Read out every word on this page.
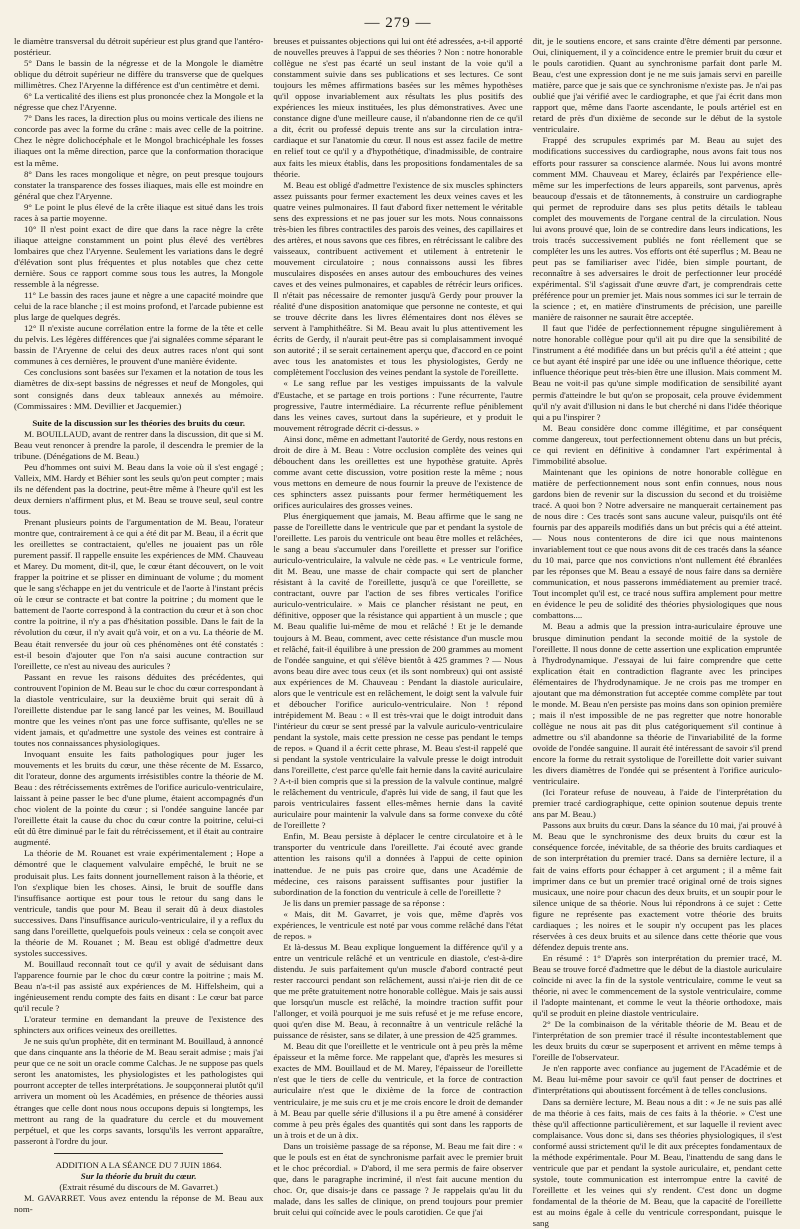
— 279 —

le diamètre transversal du détroit supérieur est plus grand que l'antéro-postérieur.

5° Dans le bassin de la négresse et de la Mongole le diamètre oblique du détroit supérieur ne diffère du transverse que de quelques millimètres. Chez l'Aryenne la différence est d'un centimètre et demi.

6° La verticalité des iliens est plus prononcée chez la Mongole et la négresse que chez l'Aryenne.

7° Dans les races, la direction plus ou moins verticale des iliens ne concorde pas avec la forme du crâne : mais avec celle de la poitrine. Chez le nègre dolichocéphale et le Mongol brachicéphale les fosses iliaques ont la même direction, parce que la conformation thoracique est la même.

8° Dans les races mongolique et nègre, on peut presque toujours constater la transparence des fosses iliaques, mais elle est moindre en général que chez l'Aryenne.

9° Le point le plus élevé de la crête iliaque est situé dans les trois races à sa partie moyenne.

10° Il n'est point exact de dire que dans la race nègre la crête iliaque atteigne constamment un point plus élevé des vertèbres lombaires que chez l'Aryenne. Seulement les variations dans le degré d'élévation sont plus fréquentes et plus notables que chez cette dernière. Sous ce rapport comme sous tous les autres, la Mongole ressemble à la négresse.

11° Le bassin des races jaune et nègre a une capacité moindre que celui de la race blanche ; il est moins profond, et l'arcade pubienne est plus large de quelques degrés.

12° Il n'existe aucune corrélation entre la forme de la tête et celle du pelvis. Les légères différences que j'ai signalées comme séparant le bassin de l'Aryenne de celui des deux autres races n'ont qui sont communes à ces dernières, le prouvent d'une manière évidente.

Ces conclusions sont basées sur l'examen et la notation de tous les diamètres de dix-sept bassins de négresses et neuf de Mongoles, qui sont consignés dans deux tableaux annexés au mémoire. (Commissaires : MM. Devillier et Jacquemier.)

Suite de la discussion sur les théories des bruits du cœur.

M. BOUILLAUD, avant de rentrer dans la discussion, dit que si M. Beau veut renoncer à prendre la parole, il descendra le premier de la tribune. (Dénégations de M. Beau.)

Peu d'hommes ont suivi M. Beau dans la voie où il s'est engagé ; Valleix, MM. Hardy et Béhier sont les seuls qu'on peut compter ; mais ils ne défendent pas la doctrine, peut-être même à l'heure qu'il est les deux derniers n'affirment plus, et M. Beau se trouve seul, seul contre tous.

Prenant plusieurs points de l'argumentation de M. Beau, l'orateur montre que, contrairement à ce qui a été dit par M. Beau, il a écrit que les oreillettes se contractaient, qu'elles ne jouaient pas un rôle purement passif. Il rappelle ensuite les expériences de MM. Chauveau et Marey. Du moment, dit-il, que, le cœur étant découvert, on le voit frapper la poitrine et se plisser en diminuant de volume ; du moment que le sang s'échappe en jet du ventricule et de l'aorte à l'instant précis où le cœur se contracte et bat contre la poitrine ; du moment que le battement de l'aorte correspond à la contraction du cœur et à son choc contre la poitrine, il n'y a pas d'hésitation possible. Dans le fait de la révolution du cœur, il n'y avait qu'à voir, et on a vu. La théorie de M. Beau était renversée du jour où ces phénomènes ont été constatés : est-il besoin d'ajouter que l'on n'a saisi aucune contraction sur l'oreillette, ce n'est au niveau des auricules ?

Passant en revue les raisons déduites des précédentes, qui controuvent l'opinion de M. Beau sur le choc du cœur correspondant à la diastole ventriculaire, sur la deuxième bruit qui serait dû à l'oreillette distendue par le sang lancé par les veines, M. Bouillaud montre que les veines n'ont pas une force suffisante, qu'elles ne se vident jamais, et qu'admettre une systole des veines est contraire à toutes nos connaissances physiologiques.

Invoquant ensuite les faits pathologiques pour juger les mouvements et les bruits du cœur, une thèse récente de M. Essarco, dit l'orateur, donne des arguments irrésistibles contre la théorie de M. Beau : des rétrécissements extrêmes de l'orifice auriculo-ventriculaire, laissant à peine passer le bec d'une plume, étaient accompagnés d'un choc violent de la pointe du cœur ; si l'ondée sanguine lancée par l'oreillette était la cause du choc du cœur contre la poitrine, celui-ci eût dû être diminué par le fait du rétrécissement, et il était au contraire augmenté.

La théorie de M. Rouanet est vraie expérimentalement ; Hope a démontré que le claquement valvulaire empêché, le bruit ne se produisait plus. Les faits donnent journellement raison à la théorie, et l'on s'explique bien les choses. Ainsi, le bruit de souffle dans l'insuffisance aortique est pour tous le retour du sang dans le ventricule, tandis que pour M. Beau il serait dû à deux diastoles successives. Dans l'insuffisance auriculo-ventriculaire, il y a reflux du sang dans l'oreillette, quelquefois pouls veineux : cela se conçoit avec la théorie de M. Rouanet ; M. Beau est obligé d'admettre deux systoles successives.

M. Bouillaud reconnaît tout ce qu'il y avait de séduisant dans l'apparence fournie par le choc du cœur contre la poitrine ; mais M. Beau n'a-t-il pas assisté aux expériences de M. Hiffelsheim, qui a ingénieusement rendu compte des faits en disant : Le cœur bat parce qu'il recule ?

L'orateur termine en demandant la preuve de l'existence des sphincters aux orifices veineux des oreillettes.

Je ne suis qu'un prophète, dit en terminant M. Bouillaud, à annoncé que dans cinquante ans la théorie de M. Beau serait admise ; mais j'ai peur que ce ne soit un oracle comme Calchas. Je ne suppose pas quels seront les anatomistes, les physiologistes et les pathologistes qui pourront accepter de telles interprétations. Je soupçonnerai plutôt qu'il arrivera un moment où les Académies, en présence de théories aussi étranges que celle dont nous nous occupons depuis si longtemps, les mettront au rang de la quadrature du cercle et du mouvement perpétuel, et que les corps savants, lorsqu'ils les verront apparaître, passeront à l'ordre du jour.

ADDITION A LA SÉANCE DU 7 JUIN 1864.

Sur la théorie du bruit du cœur.

(Extrait résumé du discours de M. Gavarret.)

M. GAVARRET. Vous avez entendu la réponse de M. Beau aux nom-

breuses et puissantes objections qui lui ont été adressées, a-t-il apporté de nouvelles preuves à l'appui de ses théories ? Non : notre honorable collègue ne s'est pas écarté un seul instant de la voie qu'il a constamment suivie dans ses publications et ses lectures. Ce sont toujours les mêmes affirmations basées sur les mêmes hypothèses qu'il oppose invariablement aux résultats les plus positifs des expériences les mieux instituées, les plus démonstratives. Avec une constance digne d'une meilleure cause, il n'abandonne rien de ce qu'il a dit, écrit ou professé depuis trente ans sur la circulation intra-cardiaque et sur l'anatomie du cœur. Il nous est assez facile de mettre en relief tout ce qu'il y a d'hypothétique, d'inadmissible, de contraire aux faits les mieux établis, dans les propositions fondamentales de sa théorie.

M. Beau est obligé d'admettre l'existence de six muscles sphincters assez puissants pour fermer exactement les deux veines caves et les quatre veines pulmonaires. Il faut d'abord fixer nettement le véritable sens des expressions et ne pas jouer sur les mots. Nous connaissons très-bien les fibres contractiles des parois des veines, des capillaires et des artères, et nous savons que ces fibres, en rétrécissant le calibre des vaisseaux, contribuent activement et utilement à entretenir le mouvement circulatoire ; nous connaissons aussi les fibres musculaires disposées en anses autour des embouchures des veines caves et des veines pulmonaires, et capables de rétrécir leurs orifices. Il n'était pas nécessaire de remonter jusqu'à Gerdy pour prouver la réalité d'une disposition anatomique que personne ne conteste, et qui se trouve décrite dans les livres élémentaires dont nos élèves se servent à l'amphithéâtre. Si M. Beau avait lu plus attentivement les écrits de Gerdy, il n'aurait peut-être pas si complaisamment invoqué son autorité ; il se serait certainement aperçu que, d'accord en ce point avec tous les anatomistes et tous les physiologistes, Gerdy ne complètement l'occlusion des veines pendant la systole de l'oreillette.

« Le sang reflue par les vestiges impuissants de la valvule d'Eustache, et se partage en trois portions : l'une récurrente, l'autre progressive, l'autre intermédiaire. La récurrente reflue péniblement dans les veines caves, surtout dans la supérieure, et y produit le mouvement rétrograde décrit ci-dessus. »

Ainsi donc, même en admettant l'autorité de Gerdy, nous restons en droit de dire à M. Beau : Votre occlusion complète des veines qui débouchent dans les oreillettes est une hypothèse gratuite. Après comme avant cette discussion, votre position reste la même ; nous vous mettons en demeure de nous fournir la preuve de l'existence de ces sphincters assez puissants pour fermer hermétiquement les orifices auriculaires des grosses veines.

Plus énergiquement que jamais, M. Beau affirme que le sang ne passe de l'oreillette dans le ventricule que par et pendant la systole de l'oreillette. Les parois du ventricule ont beau être molles et relâchées, le sang a beau s'accumuler dans l'oreillette et presser sur l'orifice auriculo-ventriculaire, la valvule ne cède pas. « Le ventricule forme, dit M. Beau, une masse de chair compacte qui sert de plancher résistant à la cavité de l'oreillette, jusqu'à ce que l'oreillette, se contractant, ouvre par l'action de ses fibres verticales l'orifice auriculo-ventriculaire. » Mais ce plancher résistant ne peut, en définitive, opposer que la résistance qui appartient à un muscle ; que M. Beau qualifie lui-même de mou et relâché ! Et je le demande toujours à M. Beau, comment, avec cette résistance d'un muscle mou et relâché, fait-il équilibre à une pression de 200 grammes au moment de l'ondée sanguine, et qui s'élève bientôt à 425 grammes ? — Nous avons beau dire avec tous ceux (et ils sont nombreux) qui ont assisté aux expériences de M. Chauveau : Pendant la diastole auriculaire, alors que le ventricule est en relâchement, le doigt sent la valvule fuir et déboucher l'orifice auriculo-ventriculaire. Non ! répond intrépidement M. Beau : « Il est très-vrai que le doigt introduit dans l'intérieur du cœur se sent pressé par la valvule auriculo-ventriculaire pendant la systole, mais cette pression ne cesse pas pendant le temps de repos. » Quand il a écrit cette phrase, M. Beau s'est-il rappelé que si pendant la systole ventriculaire la valvule presse le doigt introduit dans l'oreillette, c'est parce qu'elle fait hernie dans la cavité auriculaire ? A-t-il bien compris que si la pression de la valvule continue, malgré le relâchement du ventricule, d'après lui vide de sang, il faut que les parois ventriculaires fassent elles-mêmes hernie dans la cavité auriculaire pour maintenir la valvule dans sa forme convexe du côté de l'oreillette ?

Enfin, M. Beau persiste à déplacer le centre circulatoire et à le transporter du ventricule dans l'oreillette. J'ai écouté avec grande attention les raisons qu'il a données à l'appui de cette opinion inattendue. Je ne puis pas croire que, dans une Académie de médecine, ces raisons paraissent suffisantes pour justifier la subordination de la fonction du ventricule à celle de l'oreillette ?

Je lis dans un premier passage de sa réponse :

« Mais, dit M. Gavarret, je vois que, même d'après vos expériences, le ventricule est noté par vous comme relâché dans l'état de repos. »

Et là-dessus M. Beau explique longuement la différence qu'il y a entre un ventricule relâché et un ventricule en diastole, c'est-à-dire distendu. Je suis parfaitement qu'un muscle d'abord contracté peut rester raccourci pendant son relâchement, aussi n'ai-je rien dit de ce que me prête gratuitement notre honorable collègue. Mais je sais aussi que lorsqu'un muscle est relâché, la moindre traction suffit pour l'allonger, et voilà pourquoi je me suis refusé et je me refuse encore, quoi qu'en dise M. Beau, à reconnaître à un ventricule relâché la puissance de résister, sans se dilater, à une pression de 425 grammes.

M. Beau dit que l'oreillette et le ventricule ont à peu près la même épaisseur et la même force. Me rappelant que, d'après les mesures si exactes de MM. Bouillaud et de M. Marey, l'épaisseur de l'oreillette n'est que le tiers de celle du ventricule, et la force de contraction auriculaire n'est que le dixième de la force de contraction ventriculaire, je me suis cru et je me crois encore le droit de demander à M. Beau par quelle série d'illusions il a pu être amené à considérer comme à peu près égales des quantités qui sont dans les rapports de un à trois et de un à dix.

Dans un troisième passage de sa réponse, M. Beau me fait dire : « que le pouls est en état de synchronisme parfait avec le premier bruit et le choc précordial. » D'abord, il me sera permis de faire observer que, dans le paragraphe incriminé, il n'est fait aucune mention du choc. Or, que disais-je dans ce passage ? Je rappelais qu'au lit du malade, dans les salles de clinique, on prend toujours pour premier bruit celui qui coïncide avec le pouls carotidien. Ce que j'ai

dit, je le soutiens encore, et sans crainte d'être démenti par personne. Oui, cliniquement, il y a coïncidence entre le premier bruit du cœur et le pouls carotidien. Quant au synchronisme parfait dont parle M. Beau, c'est une expression dont je ne me suis jamais servi en pareille matière, parce que je sais que ce synchronisme n'existe pas. Je n'ai pas oublié que j'ai vérifié avec le cardiographe, et que j'ai écrit dans mon rapport que, même dans l'aorte ascendante, le pouls artériel est en retard de près d'un dixième de seconde sur le début de la systole ventriculaire.

Frappé des scrupules exprimés par M. Beau au sujet des modifications successives du cardiographe, nous avons fait tous nos efforts pour rassurer sa conscience alarmée. Nous lui avons montré comment MM. Chauveau et Marey, éclairés par l'expérience elle-même sur les imperfections de leurs appareils, sont parvenus, après beaucoup d'essais et de tâtonnements, à construire un cardiographe qui permet de reproduire dans ses plus petits détails le tableau complet des mouvements de l'organe central de la circulation. Nous lui avons prouvé que, loin de se contredire dans leurs indications, les trois tracés successivement publiés ne font réellement que se compléter les uns les autres. Vos efforts ont été superflus ; M. Beau ne peut pas se familiariser avec l'idée, bien simple pourtant, de reconnaître à ses adversaires le droit de perfectionner leur procédé expérimental. S'il s'agissait d'une œuvre d'art, je comprendrais cette préférence pour un premier jet. Mais nous sommes ici sur le terrain de la science ; et, en matière d'instruments de précision, une pareille manière de raisonner ne saurait être acceptée.

Il faut que l'idée de perfectionnement répugne singulièrement à notre honorable collègue pour qu'il ait pu dire que la sensibilité de l'instrument a été modifiée dans un but précis qu'il a été atteint ; que ce but ayant été inspiré par une idée ou une influence théorique, cette influence théorique peut très-bien être une illusion. Mais comment M. Beau ne voit-il pas qu'une simple modification de sensibilité ayant permis d'atteindre le but qu'on se proposait, cela prouve évidemment qu'il n'y avait d'illusion ni dans le but cherché ni dans l'idée théorique qui a pu l'inspirer ?

M. Beau considère donc comme illégitime, et par conséquent comme dangereux, tout perfectionnement obtenu dans un but précis, ce qui revient en définitive à condamner l'art expérimental à l'immobilité absolue.

Maintenant que les opinions de notre honorable collègue en matière de perfectionnement nous sont enfin connues, nous nous gardons bien de revenir sur la discussion du second et du troisième tracé. A quoi bon ? Notre adversaire ne manquerait certainement pas de nous dire : Ces tracés sont sans aucune valeur, puisqu'ils ont été fournis par des appareils modifiés dans un but précis qui a été atteint. — Nous nous contenterons de dire ici que nous maintenons invariablement tout ce que nous avons dit de ces tracés dans la séance du 10 mai, parce que nos convictions n'ont nullement été ébranlées par les réponses que M. Beau a essayé de nous faire dans sa dernière communication, et nous passerons immédiatement au premier tracé. Tout incomplet qu'il est, ce tracé nous suffira amplement pour mettre en évidence le peu de solidité des théories physiologiques que nous combattons....

M. Beau a admis que la pression intra-auriculaire éprouve une brusque diminution pendant la seconde moitié de la systole de l'oreillette. Il nous donne de cette assertion une explication empruntée à l'hydrodynamique. J'essayai de lui faire comprendre que cette explication était en contradiction flagrante avec les principes élémentaires de l'hydrodynamique. Je ne crois pas me tromper en ajoutant que ma démonstration fut acceptée comme complète par tout le monde. M. Beau n'en persiste pas moins dans son opinion première ; mais il n'est impossible de ne pas regretter que notre honorable collègue ne nous ait pas dit plus catégoriquement s'il continue à admettre ou s'il abandonne sa théorie de l'invariabilité de la forme ovoïde de l'ondée sanguine. Il aurait été intéressant de savoir s'il prend encore la forme du retrait systolique de l'oreillette doit varier suivant les divers diamètres de l'ondée qui se présentent à l'orifice auriculo-ventriculaire.

(Ici l'orateur refuse de nouveau, à l'aide de l'interprétation du premier tracé cardiographique, cette opinion soutenue depuis trente ans par M. Beau.)

Passons aux bruits du cœur. Dans la séance du 10 mai, j'ai prouvé à M. Beau que le synchronisme des deux bruits du cœur est la conséquence forcée, inévitable, de sa théorie des bruits cardiaques et de son interprétation du premier tracé. Dans sa dernière lecture, il a fait de vains efforts pour échapper à cet argument ; il a même fait imprimer dans ce but un premier tracé original orné de trois signes musicaux, une noire pour chacun des deux bruits, et un soupir pour le silence unique de sa théorie. Nous lui répondrons à ce sujet : Cette figure ne représente pas exactement votre théorie des bruits cardiaques ; les noires et le soupir n'y occupent pas les places réservées à ces deux bruits et au silence dans cette théorie que vous défendez depuis trente ans.

En résumé : 1° D'après son interprétation du premier tracé, M. Beau se trouve forcé d'admettre que le début de la diastole auriculaire coïncide ni avec la fin de la systole ventriculaire, comme le veut sa théorie, ni avec le commencement de la systole ventriculaire, comme il l'adopte maintenant, et comme le veut la théorie orthodoxe, mais qu'il se produit en pleine diastole ventriculaire.

2° De la combinaison de la véritable théorie de M. Beau et de l'interprétation de son premier tracé il résulte incontestablement que les deux bruits du cœur se superposent et arrivent en même temps à l'oreille de l'observateur.

Je n'en rapporte avec confiance au jugement de l'Académie et de M. Beau lui-même pour savoir ce qu'il faut penser de doctrines et d'interprétations qui aboutissent forcément à de telles conclusions.

Dans sa dernière lecture, M. Beau nous a dit : « Je ne suis pas allé de ma théorie à ces faits, mais de ces faits à la théorie. » C'est une thèse qu'il affectionne particulièrement, et sur laquelle il revient avec complaisance. Vous donc si, dans ses théories physiologiques, il s'est conformé aussi strictement qu'il le dit aux préceptes fondamentaux de la méthode expérimentale. Pour M. Beau, l'inattendu de sang dans le ventricule que par et pendant la systole auriculaire, et, pendant cette systole, toute communication est interrompue entre la cavité de l'oreillette et les veines qui s'y rendent. C'est donc un dogme fondamental de la théorie de M. Beau, que la capacité de l'oreillette est au moins égale à celle du ventricule correspondant, puisque le sang
